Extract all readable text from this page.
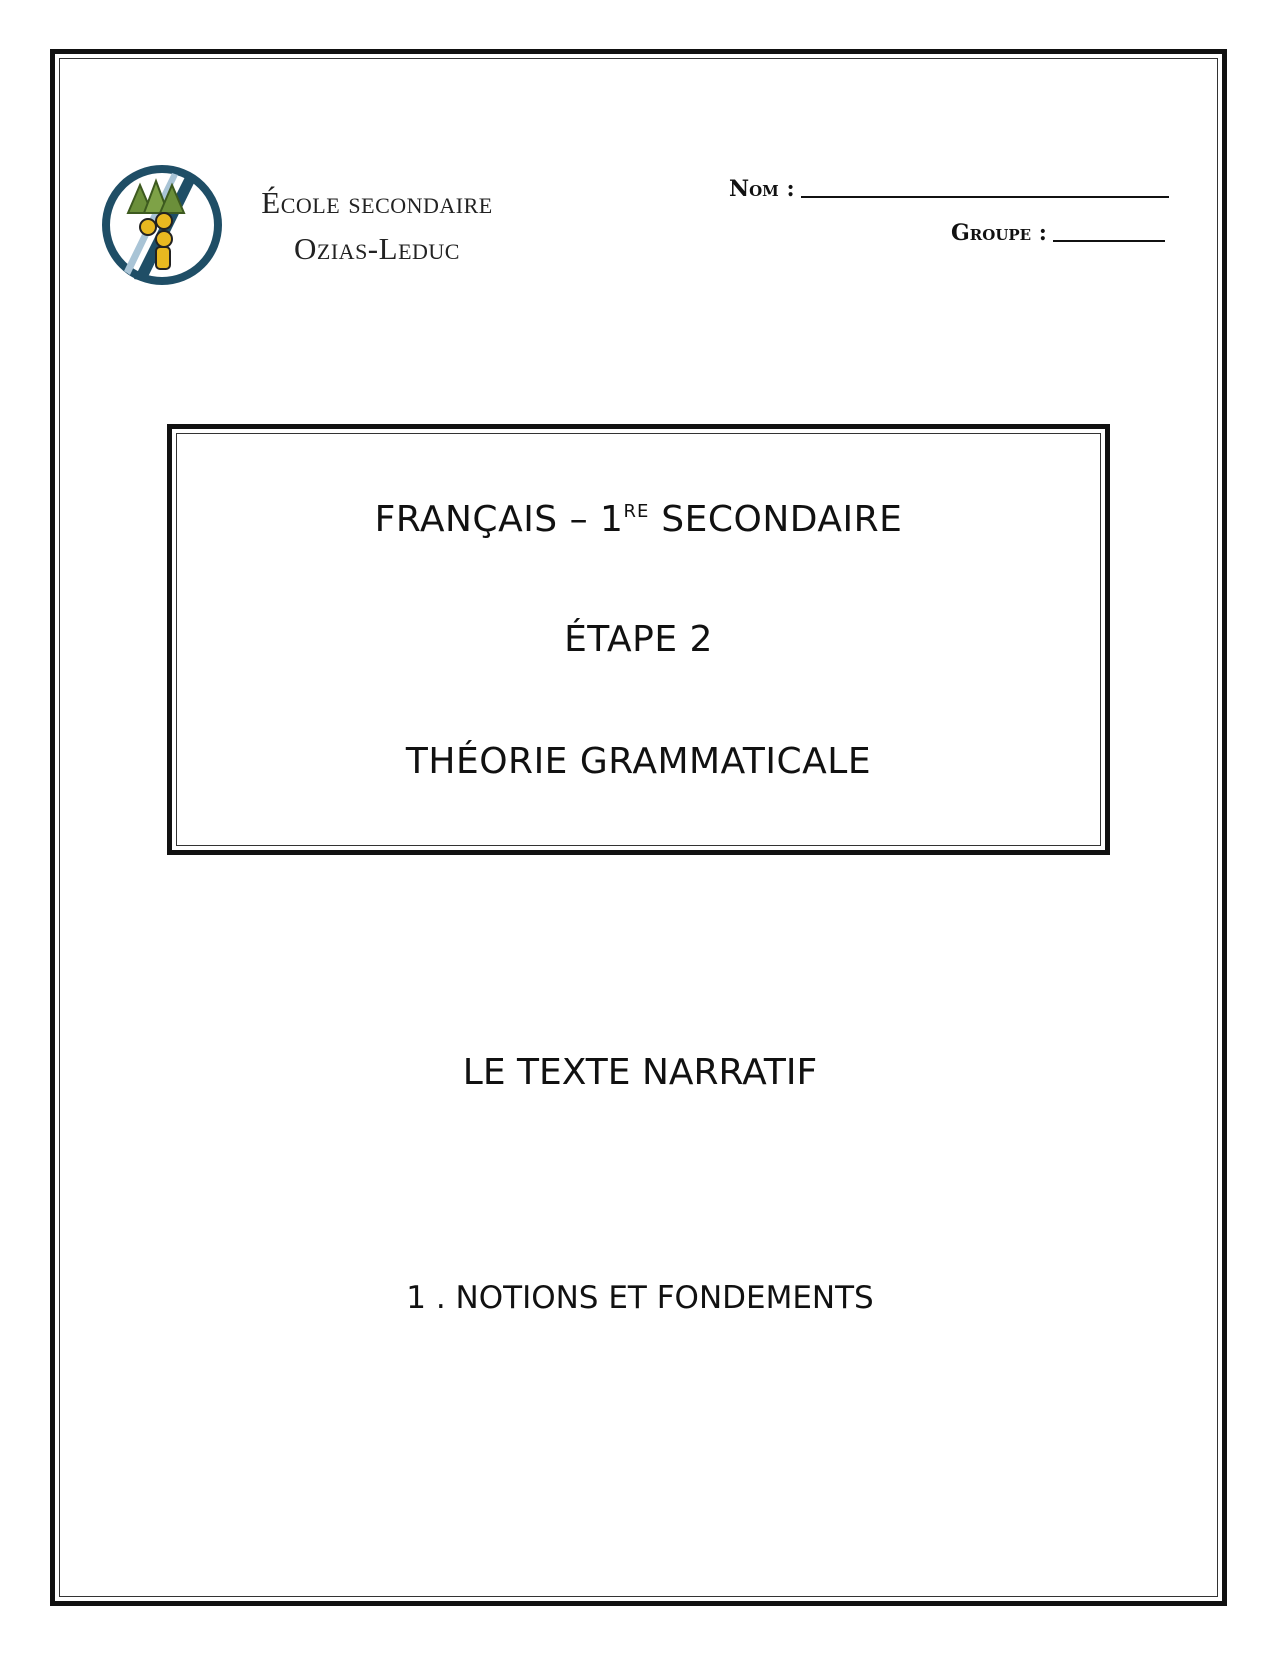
École secondaire
Ozias-Leduc
Nom :
Groupe :
FRANÇAIS – 1RE SECONDAIRE
ÉTAPE 2
THÉORIE GRAMMATICALE
LE TEXTE NARRATIF
1 . NOTIONS ET FONDEMENTS
